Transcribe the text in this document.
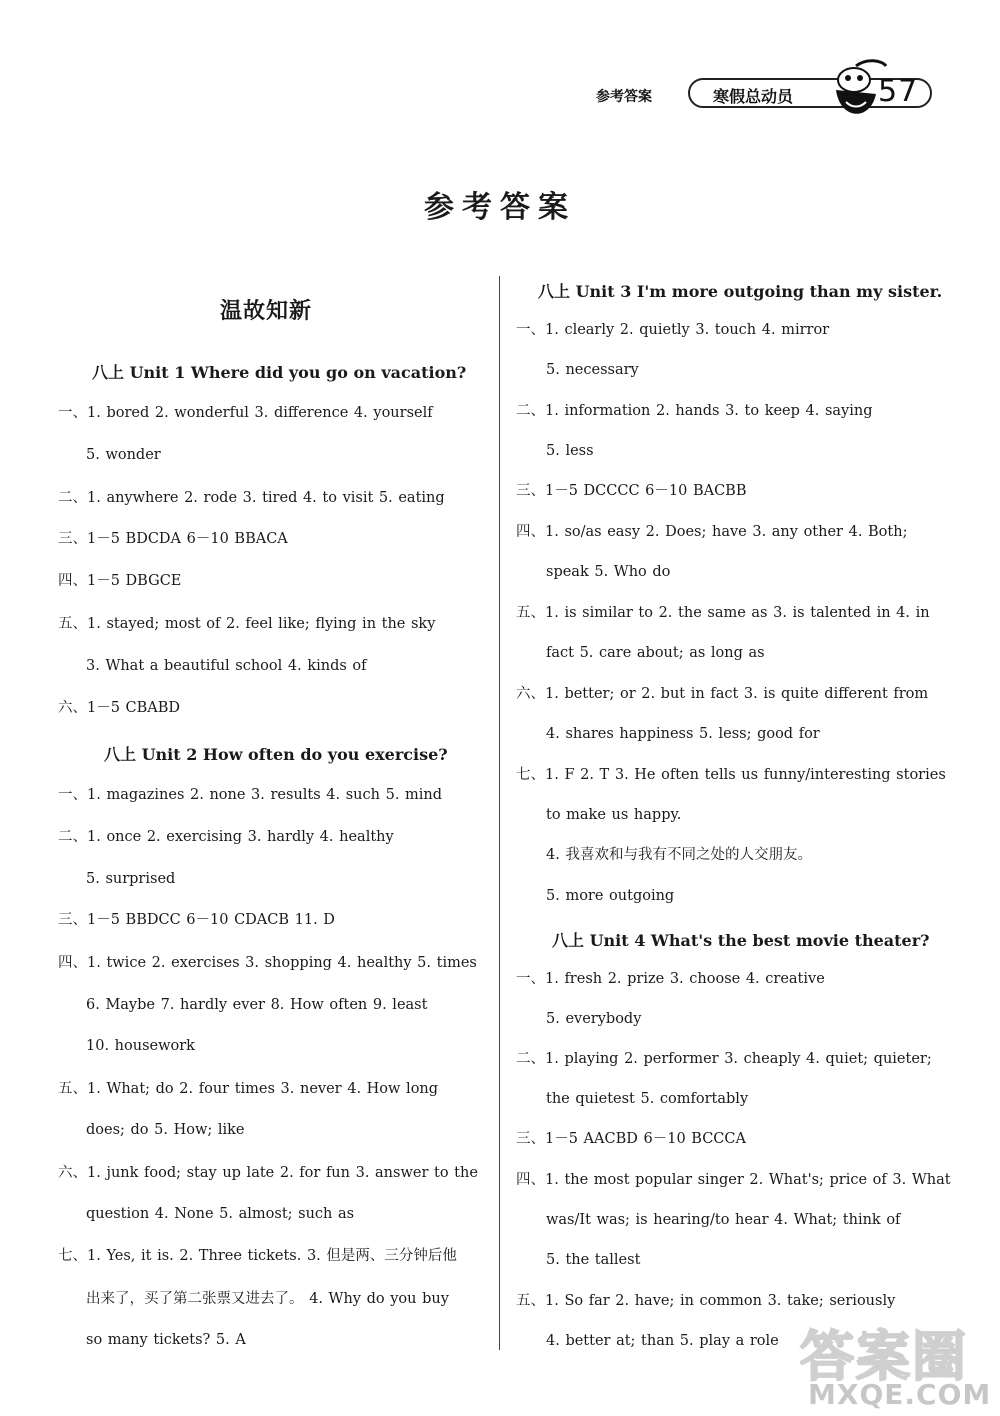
参考答案	寒假总动员	57
参考答案
温故知新
八上 Unit 1 Where did you go on vacation?
一、1. bored 2. wonderful 3. difference 4. yourself
5. wonder
二、1. anywhere 2. rode 3. tired 4. to visit 5. eating
三、1－5 BDCDA 6－10 BBACA
四、1－5 DBGCE
五、1. stayed; most of 2. feel like; flying in the sky
3. What a beautiful school 4. kinds of
六、1－5 CBABD
八上 Unit 2 How often do you exercise?
一、1. magazines 2. none 3. results 4. such 5. mind
二、1. once 2. exercising 3. hardly 4. healthy
5. surprised
三、1－5 BBDCC 6－10 CDACB 11. D
四、1. twice 2. exercises 3. shopping 4. healthy 5. times
6. Maybe 7. hardly ever 8. How often 9. least
10. housework
五、1. What; do 2. four times 3. never 4. How long
does; do 5. How; like
六、1. junk food; stay up late 2. for fun 3. answer to the
question 4. None 5. almost; such as
七、1. Yes, it is. 2. Three tickets. 3. 但是两、三分钟后他
出来了，买了第二张票又进去了。 4. Why do you buy
so many tickets? 5. A
八上 Unit 3 I'm more outgoing than my sister.
一、1. clearly 2. quietly 3. touch 4. mirror
5. necessary
二、1. information 2. hands 3. to keep 4. saying
5. less
三、1－5 DCCCC 6－10 BACBB
四、1. so/as easy 2. Does; have 3. any other 4. Both;
speak 5. Who do
五、1. is similar to 2. the same as 3. is talented in 4. in
fact 5. care about; as long as
六、1. better; or 2. but in fact 3. is quite different from
4. shares happiness 5. less; good for
七、1. F 2. T 3. He often tells us funny/interesting stories
to make us happy.
4. 我喜欢和与我有不同之处的人交朋友。
5. more outgoing
八上 Unit 4 What's the best movie theater?
一、1. fresh 2. prize 3. choose 4. creative
5. everybody
二、1. playing 2. performer 3. cheaply 4. quiet; quieter;
the quietest 5. comfortably
三、1－5 AACBD 6－10 BCCCA
四、1. the most popular singer 2. What's; price of 3. What
was/It was; is hearing/to hear 4. What; think of
5. the tallest
五、1. So far 2. have; in common 3. take; seriously
4. better at; than 5. play a role 答案圈
MXQE.COM
